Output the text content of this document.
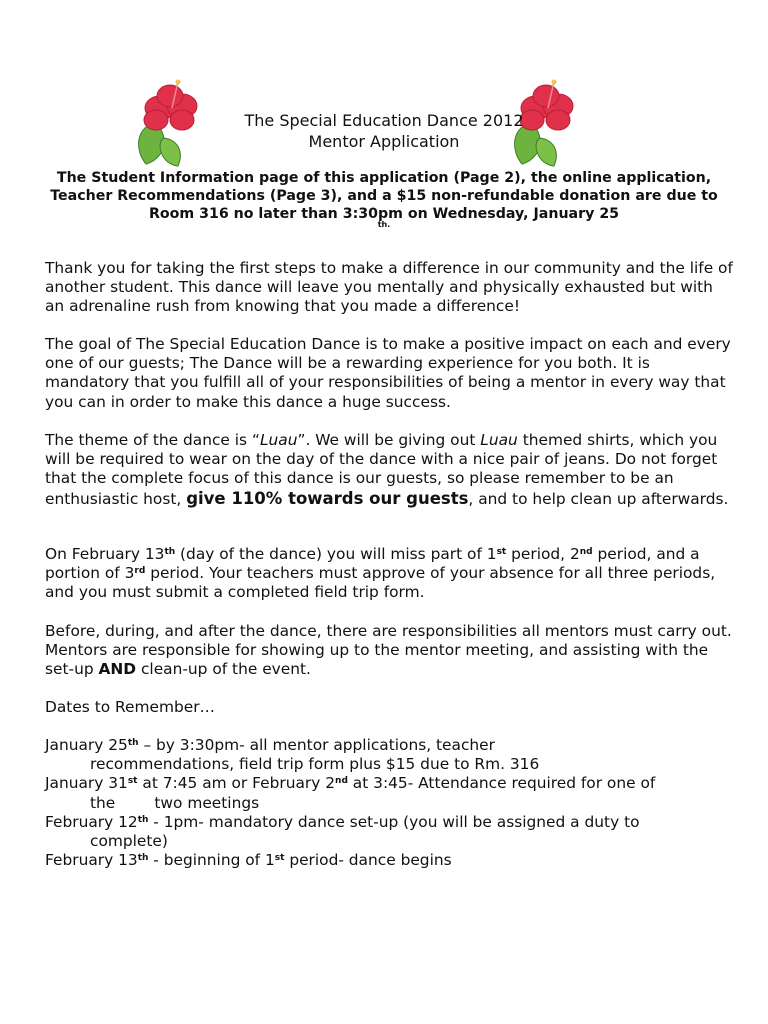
The Special Education Dance 2012
Mentor Application
The Student Information page of this application (Page 2), the online application, Teacher Recommendations (Page 3), and a $15 non-refundable donation are due to Room 316 no later than 3:30pm on Wednesday, January 25
th.

Thank you for taking the first steps to make a difference in our community and the life of another student. This dance will leave you mentally and physically exhausted but with an adrenaline rush from knowing that you made a difference!

The goal of The Special Education Dance is to make a positive impact on each and every one of our guests; The Dance will be a rewarding experience for you both. It is mandatory that you fulfill all of your responsibilities of being a mentor in every way that you can in order to make this dance a huge success.

The theme of the dance is “Luau”. We will be giving out Luau themed shirts, which you will be required to wear on the day of the dance with a nice pair of jeans. Do not forget that the complete focus of this dance is our guests, so please remember to be an enthusiastic host, give 110% towards our guests, and to help clean up afterwards.

On February 13th (day of the dance) you will miss part of 1st period, 2nd period, and a portion of 3rd period. Your teachers must approve of your absence for all three periods, and you must submit a completed field trip form.

Before, during, and after the dance, there are responsibilities all mentors must carry out. Mentors are responsible for showing up to the mentor meeting, and assisting with the set-up AND clean-up of the event.

Dates to Remember…

January 25th – by 3:30pm- all mentor applications, teacher

recommendations, field trip form plus $15 due to Rm. 316

January 31st at 7:45 am or February 2nd at 3:45- Attendance required for one of

the        two meetings

February 12th - 1pm- mandatory dance set-up (you will be assigned a duty to

complete)

February 13th - beginning of 1st period- dance begins
